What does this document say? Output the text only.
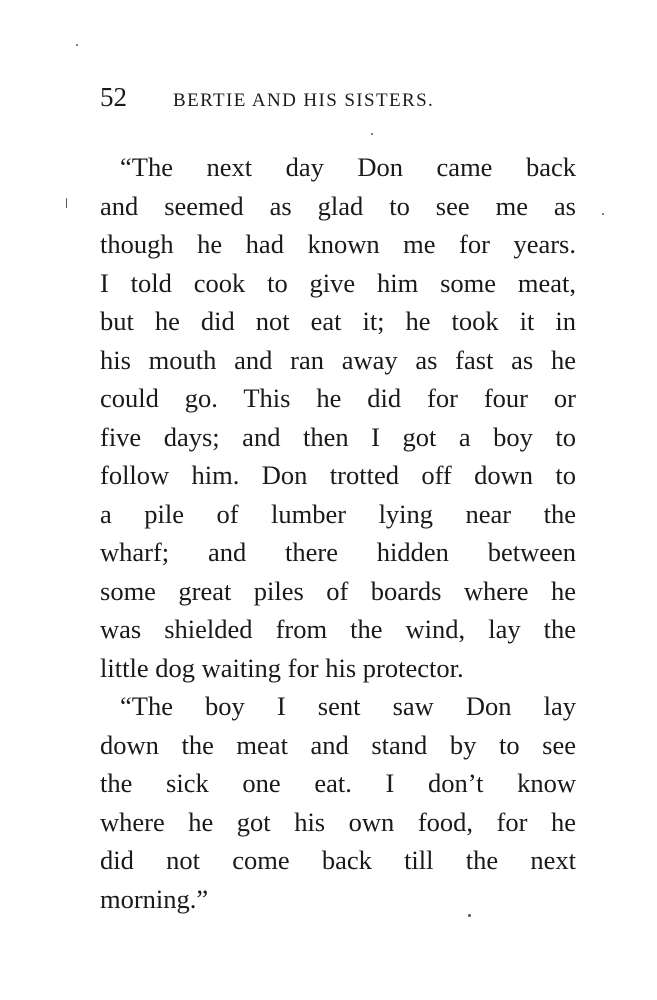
52 BERTIE AND HIS SISTERS.
“The next day Don came back
and seemed as glad to see me as
though he had known me for years.
I told cook to give him some meat,
but he did not eat it; he took it in
his mouth and ran away as fast as he
could go. This he did for four or
five days; and then I got a boy to
follow him. Don trotted off down to
a pile of lumber lying near the
wharf; and there hidden between
some great piles of boards where he
was shielded from the wind, lay the
little dog waiting for his protector.
“The boy I sent saw Don lay
down the meat and stand by to see
the sick one eat. I don’t know
where he got his own food, for he
did not come back till the next
morning.”
